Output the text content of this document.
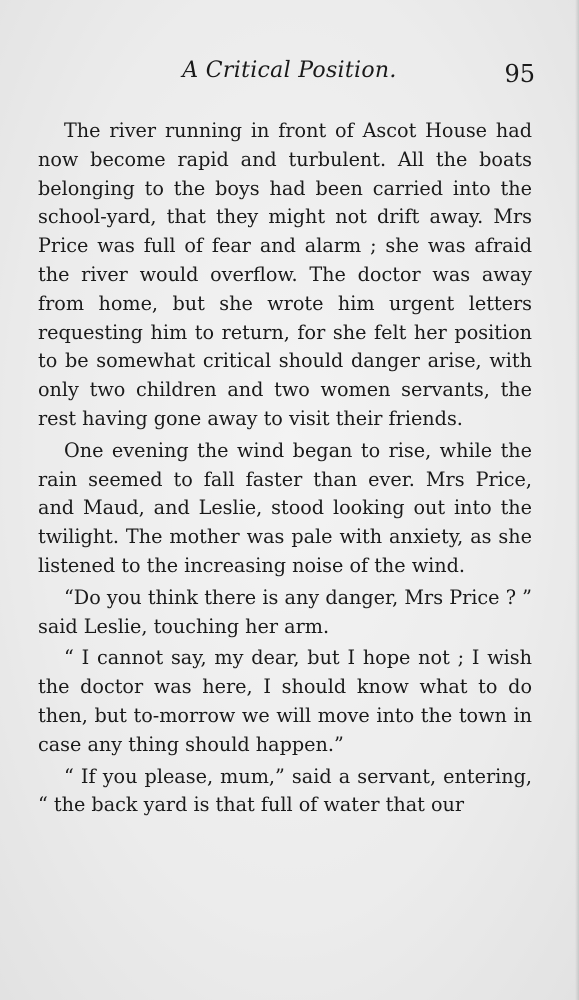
A Critical Position.	95

The river running in front of Ascot House had now become rapid and turbulent. All the boats belonging to the boys had been carried into the school-yard, that they might not drift away. Mrs Price was full of fear and alarm ; she was afraid the river would overflow. The doctor was away from home, but she wrote him urgent letters requesting him to return, for she felt her position to be somewhat critical should danger arise, with only two children and two women servants, the rest having gone away to visit their friends.

One evening the wind began to rise, while the rain seemed to fall faster than ever. Mrs Price, and Maud, and Leslie, stood looking out into the twilight. The mother was pale with anxiety, as she listened to the increasing noise of the wind.

“Do you think there is any danger, Mrs Price ? ” said Leslie, touching her arm.

“ I cannot say, my dear, but I hope not ; I wish the doctor was here, I should know what to do then, but to-morrow we will move into the town in case any thing should happen.”

“ If you please, mum,” said a servant, entering, “ the back yard is that full of water that our
